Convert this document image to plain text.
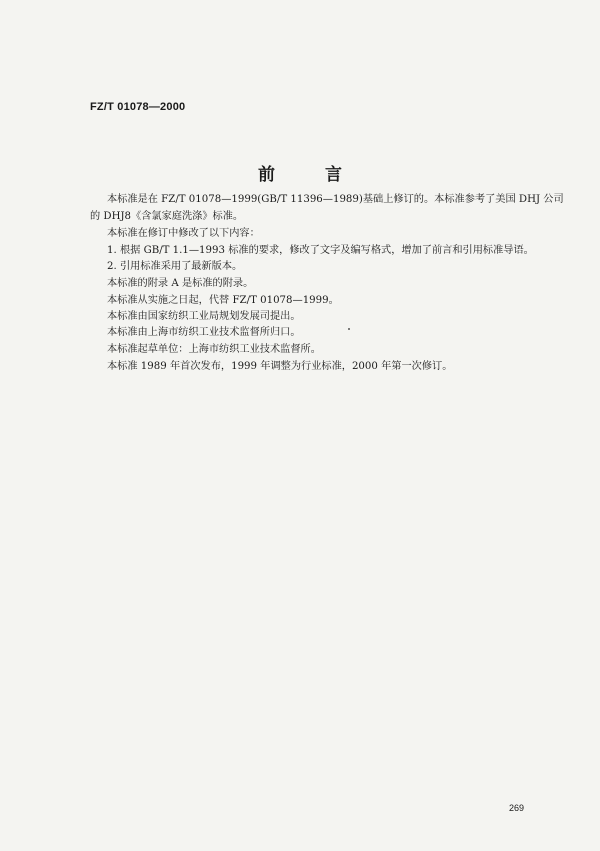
FZ/T 01078—2000
前 言
本标准是在 FZ/T 01078—1999(GB/T 11396—1989)基础上修订的。本标准参考了美国 DHJ 公司
的 DHJ8《含氯家庭洗涤》标准。
本标准在修订中修改了以下内容：
1. 根据 GB/T 1.1—1993 标准的要求，修改了文字及编写格式，增加了前言和引用标准导语。
2. 引用标准采用了最新版本。
本标准的附录 A 是标准的附录。
本标准从实施之日起，代替 FZ/T 01078—1999。
本标准由国家纺织工业局规划发展司提出。
本标准由上海市纺织工业技术监督所归口。
本标准起草单位：上海市纺织工业技术监督所。
本标准 1989 年首次发布，1999 年调整为行业标准，2000 年第一次修订。
269
